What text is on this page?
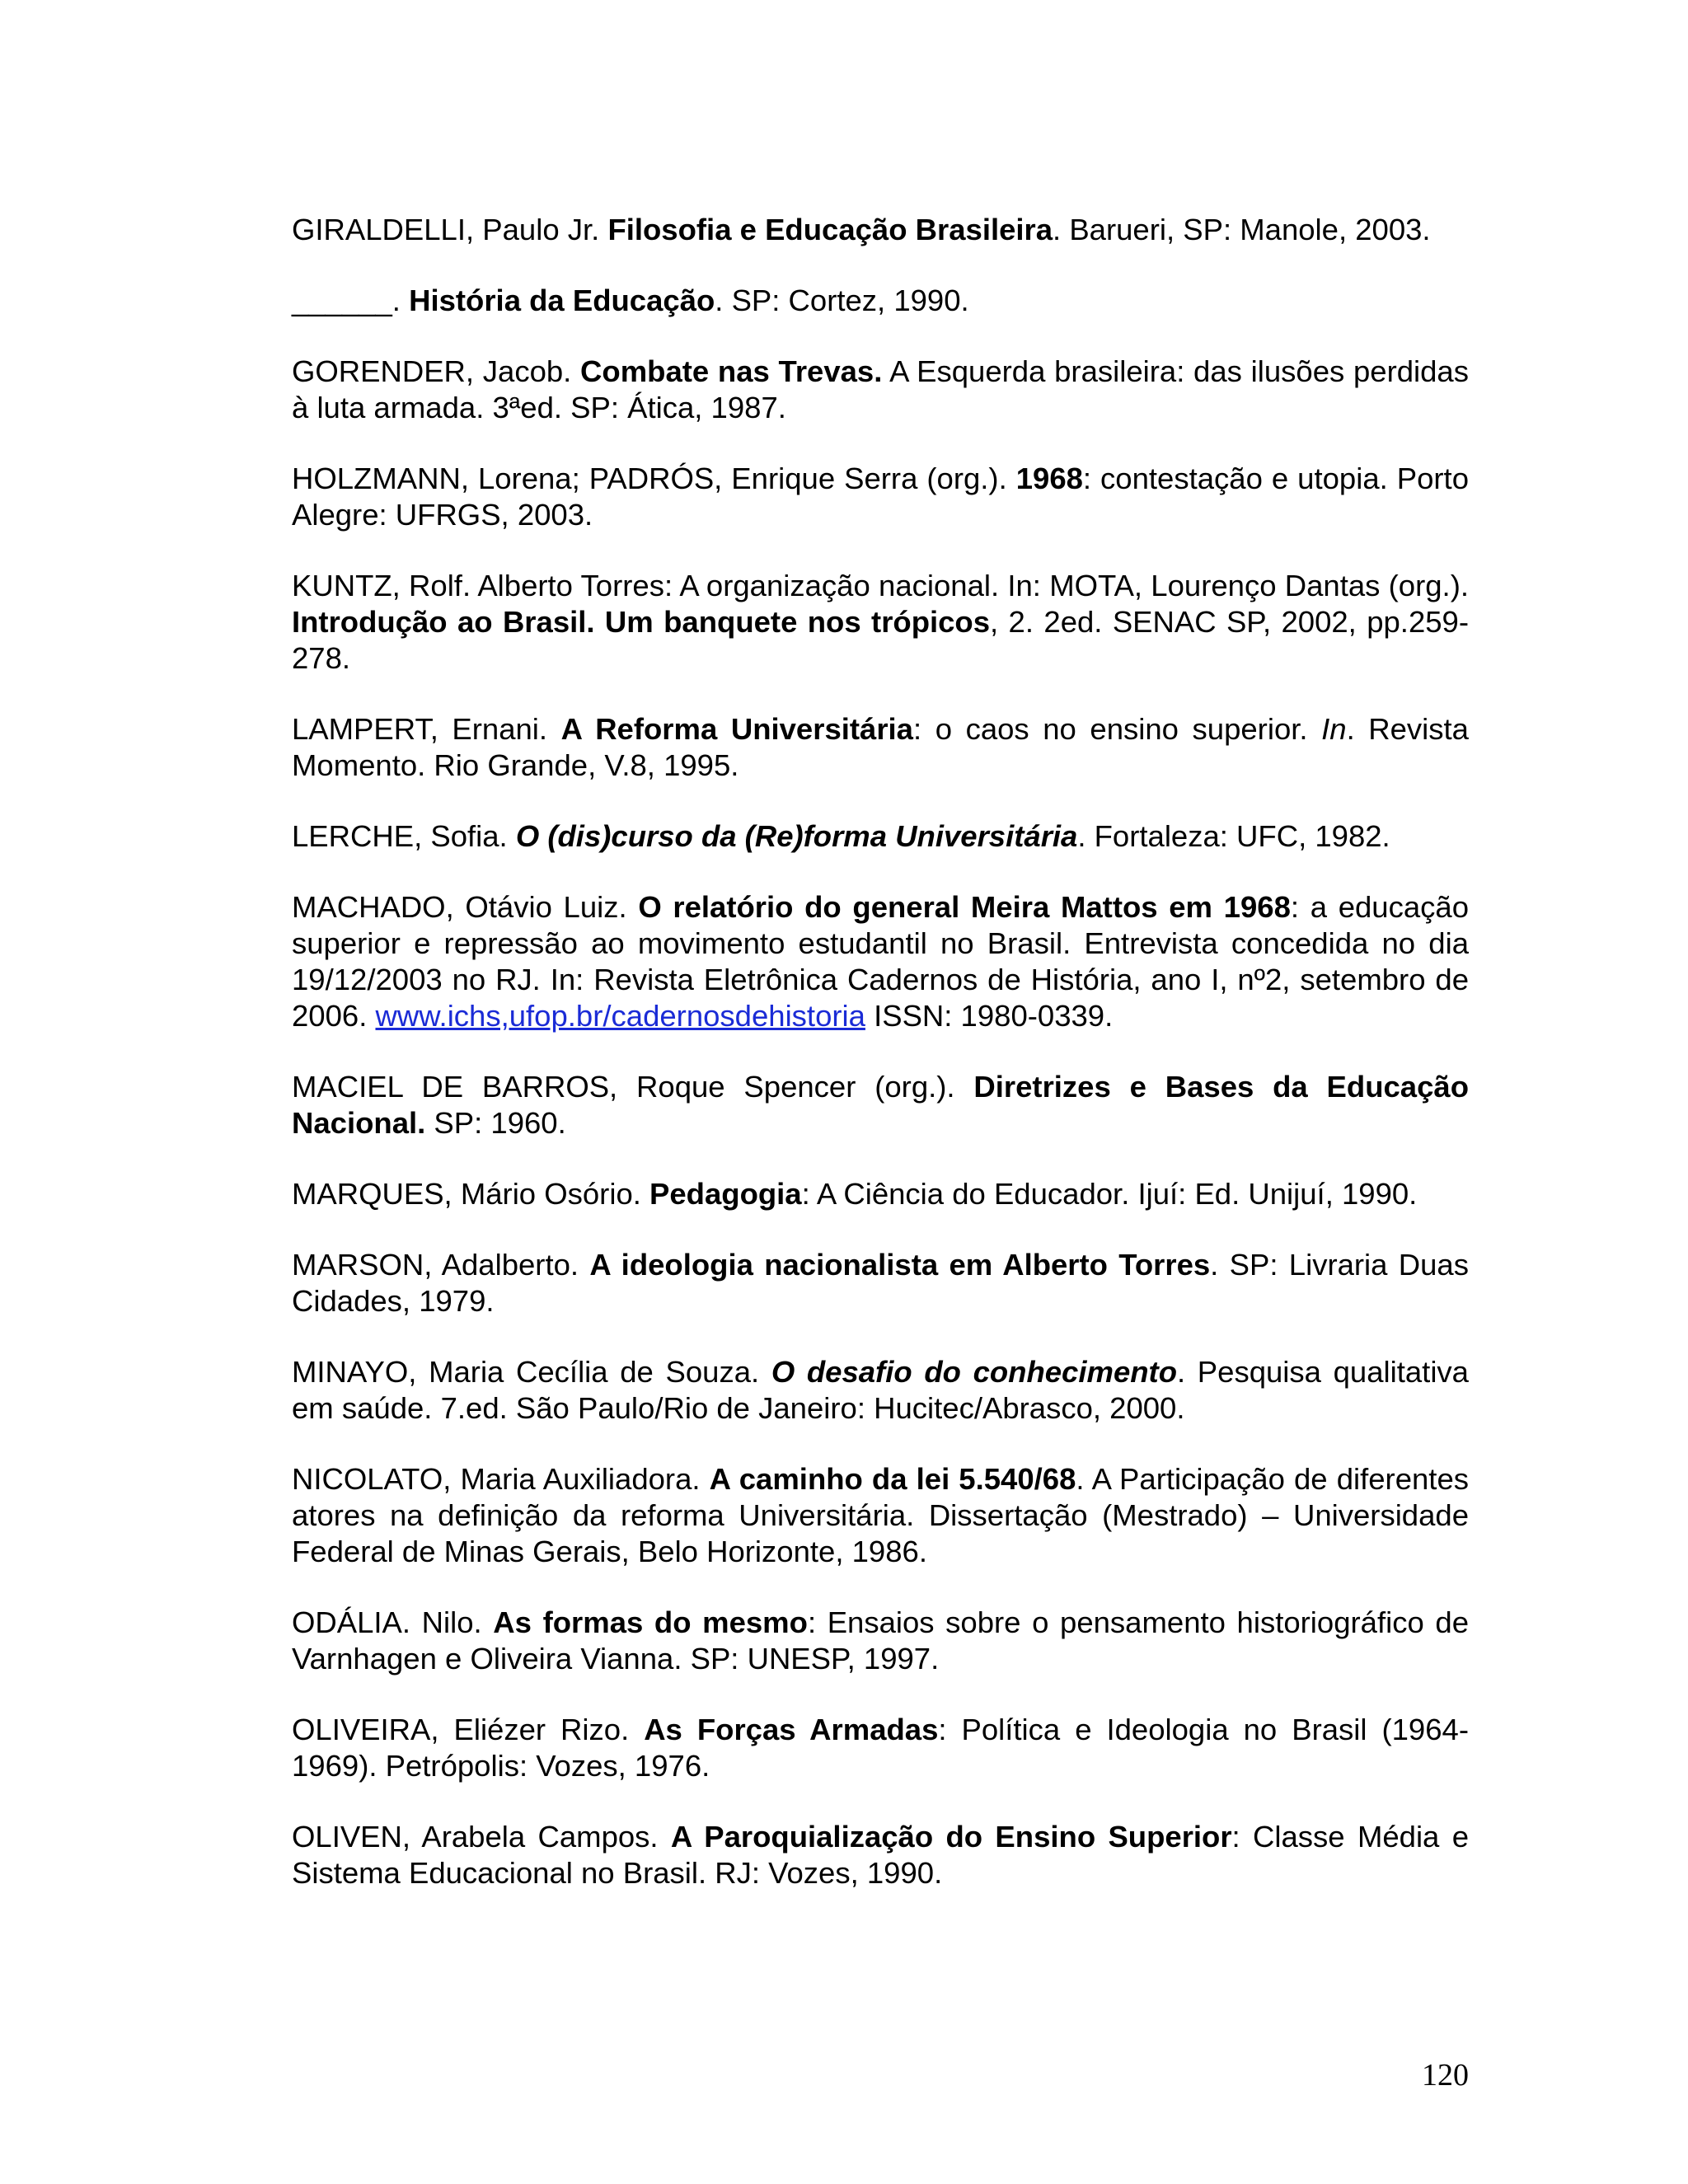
GIRALDELLI, Paulo Jr. Filosofia e Educação Brasileira. Barueri, SP: Manole, 2003.

______. História da Educação. SP: Cortez, 1990.

GORENDER, Jacob. Combate nas Trevas. A Esquerda brasileira: das ilusões perdidas à luta armada. 3ªed. SP: Ática, 1987.

HOLZMANN, Lorena; PADRÓS, Enrique Serra (org.). 1968: contestação e utopia. Porto Alegre: UFRGS, 2003.

KUNTZ, Rolf. Alberto Torres: A organização nacional. In: MOTA, Lourenço Dantas (org.). Introdução ao Brasil. Um banquete nos trópicos, 2. 2ed. SENAC SP, 2002, pp.259-278.

LAMPERT, Ernani. A Reforma Universitária: o caos no ensino superior. In. Revista Momento. Rio Grande, V.8, 1995.

LERCHE, Sofia. O (dis)curso da (Re)forma Universitária. Fortaleza: UFC, 1982.

MACHADO, Otávio Luiz. O relatório do general Meira Mattos em 1968: a educação superior e repressão ao movimento estudantil no Brasil. Entrevista concedida no dia 19/12/2003 no RJ. In: Revista Eletrônica Cadernos de História, ano I, nº2, setembro de 2006. www.ichs,ufop.br/cadernosdehistoria ISSN: 1980-0339.

MACIEL DE BARROS, Roque Spencer (org.). Diretrizes e Bases da Educação Nacional. SP: 1960.

MARQUES, Mário Osório. Pedagogia: A Ciência do Educador. Ijuí: Ed. Unijuí, 1990.

MARSON, Adalberto. A ideologia nacionalista em Alberto Torres. SP: Livraria Duas Cidades, 1979.

MINAYO, Maria Cecília de Souza. O desafio do conhecimento. Pesquisa qualitativa em saúde. 7.ed. São Paulo/Rio de Janeiro: Hucitec/Abrasco, 2000.

NICOLATO, Maria Auxiliadora. A caminho da lei 5.540/68. A Participação de diferentes atores na definição da reforma Universitária. Dissertação (Mestrado) – Universidade Federal de Minas Gerais, Belo Horizonte, 1986.

ODÁLIA. Nilo. As formas do mesmo: Ensaios sobre o pensamento historiográfico de Varnhagen e Oliveira Vianna. SP: UNESP, 1997.

OLIVEIRA, Eliézer Rizo. As Forças Armadas: Política e Ideologia no Brasil (1964-1969). Petrópolis: Vozes, 1976.

OLIVEN, Arabela Campos. A Paroquialização do Ensino Superior: Classe Média e Sistema Educacional no Brasil. RJ: Vozes, 1990.

120
